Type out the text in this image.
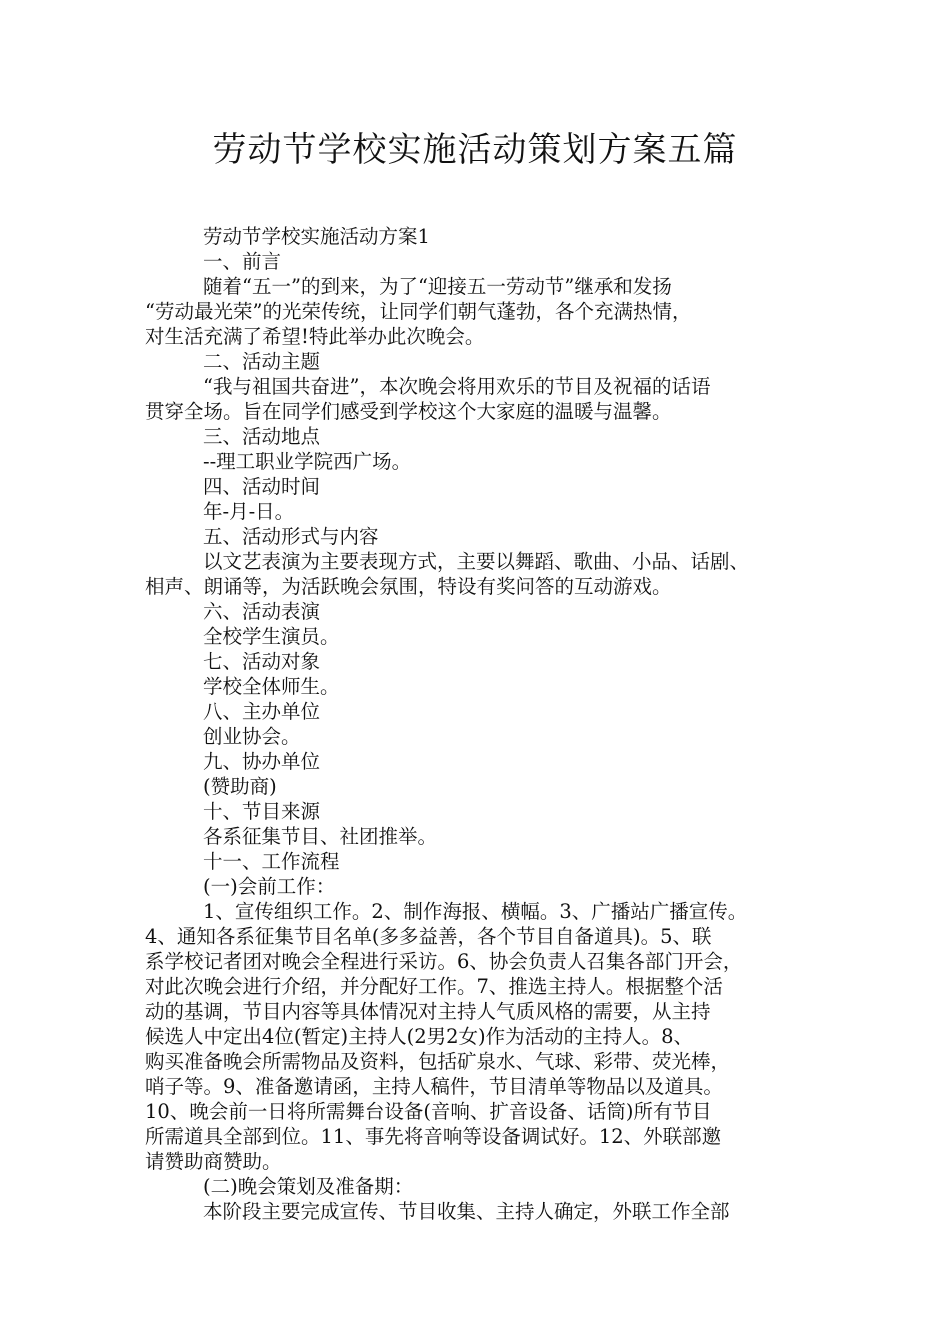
劳动节学校实施活动策划方案五篇

劳动节学校实施活动方案1

一、前言

随着“五一”的到来，为了“迎接五一劳动节”继承和发扬

“劳动最光荣”的光荣传统，让同学们朝气蓬勃，各个充满热情，

对生活充满了希望!特此举办此次晚会。

二、活动主题

“我与祖国共奋进”，本次晚会将用欢乐的节目及祝福的话语

贯穿全场。旨在同学们感受到学校这个大家庭的温暖与温馨。

三、活动地点

--理工职业学院西广场。

四、活动时间

年-月-日。

五、活动形式与内容

以文艺表演为主要表现方式，主要以舞蹈、歌曲、小品、话剧、

相声、朗诵等，为活跃晚会氛围，特设有奖问答的互动游戏。

六、活动表演

全校学生演员。

七、活动对象

学校全体师生。

八、主办单位

创业协会。

九、协办单位

(赞助商)

十、节目来源

各系征集节目、社团推举。

十一、工作流程

(一)会前工作：

1、宣传组织工作。2、制作海报、横幅。3、广播站广播宣传。

4、通知各系征集节目名单(多多益善，各个节目自备道具)。5、联

系学校记者团对晚会全程进行采访。6、协会负责人召集各部门开会，

对此次晚会进行介绍，并分配好工作。7、推选主持人。根据整个活

动的基调，节目内容等具体情况对主持人气质风格的需要，从主持

候选人中定出4位(暂定)主持人(2男2女)作为活动的主持人。8、

购买准备晚会所需物品及资料，包括矿泉水、气球、彩带、荧光棒，

哨子等。9、准备邀请函，主持人稿件，节目清单等物品以及道具。

10、晚会前一日将所需舞台设备(音响、扩音设备、话筒)所有节目

所需道具全部到位。11、事先将音响等设备调试好。12、外联部邀

请赞助商赞助。

(二)晚会策划及准备期：

本阶段主要完成宣传、节目收集、主持人确定，外联工作全部
